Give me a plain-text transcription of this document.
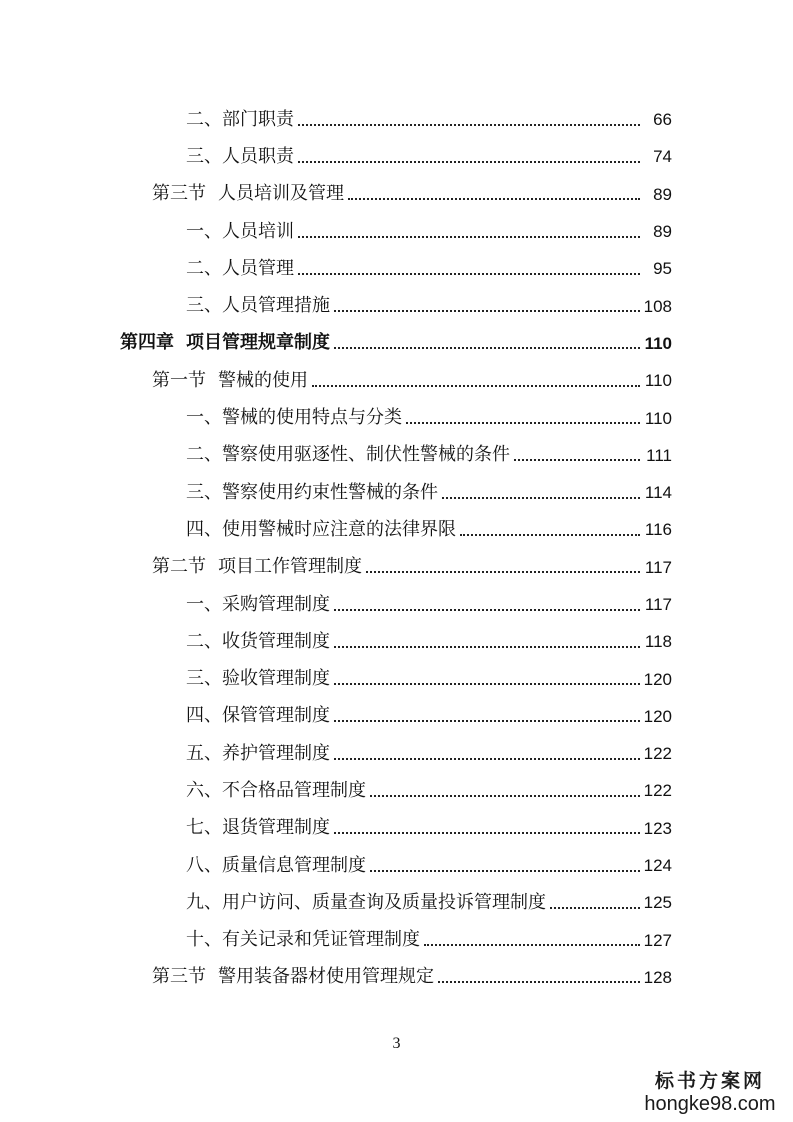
二、部门职责	66
三、人员职责	74
第三节 人员培训及管理	89
一、人员培训	89
二、人员管理	95
三、人员管理措施	108
第四章 项目管理规章制度	110
第一节 警械的使用	110
一、警械的使用特点与分类	110
二、警察使用驱逐性、制伏性警械的条件	111
三、警察使用约束性警械的条件	114
四、使用警械时应注意的法律界限	116
第二节 项目工作管理制度	117
一、采购管理制度	117
二、收货管理制度	118
三、验收管理制度	120
四、保管管理制度	120
五、养护管理制度	122
六、不合格品管理制度	122
七、退货管理制度	123
八、质量信息管理制度	124
九、用户访问、质量查询及质量投诉管理制度	125
十、有关记录和凭证管理制度	127
第三节 警用装备器材使用管理规定	128
3
标书方案网
hongke98.com
